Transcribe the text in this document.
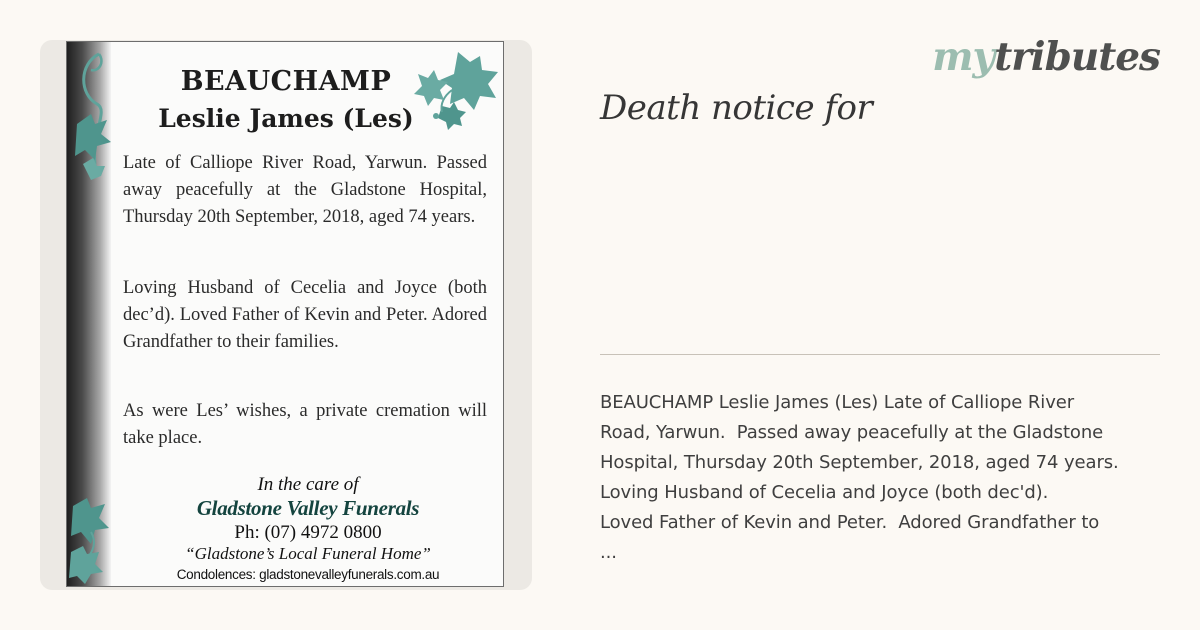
BEAUCHAMP
Leslie James (Les)
Late of Calliope River Road, Yarwun. Passed away peacefully at the Gladstone Hospital, Thursday 20th September, 2018, aged 74 years.
Loving Husband of Cecelia and Joyce (both dec’d). Loved Father of Kevin and Peter. Adored Grandfather to their families.
As were Les’ wishes, a private cremation will take place.
In the care of
Gladstone Valley Funerals
Ph: (07) 4972 0800
“Gladstone’s Local Funeral Home”
Condolences: gladstonevalleyfunerals.com.au
mytributes
Death notice for

BEAUCHAMP Leslie James (Les) Late of Calliope River

Road, Yarwun.  Passed away peacefully at the Gladstone

Hospital, Thursday 20th September, 2018, aged 74 years.

Loving Husband of Cecelia and Joyce (both dec'd).

Loved Father of Kevin and Peter.  Adored Grandfather to

...
